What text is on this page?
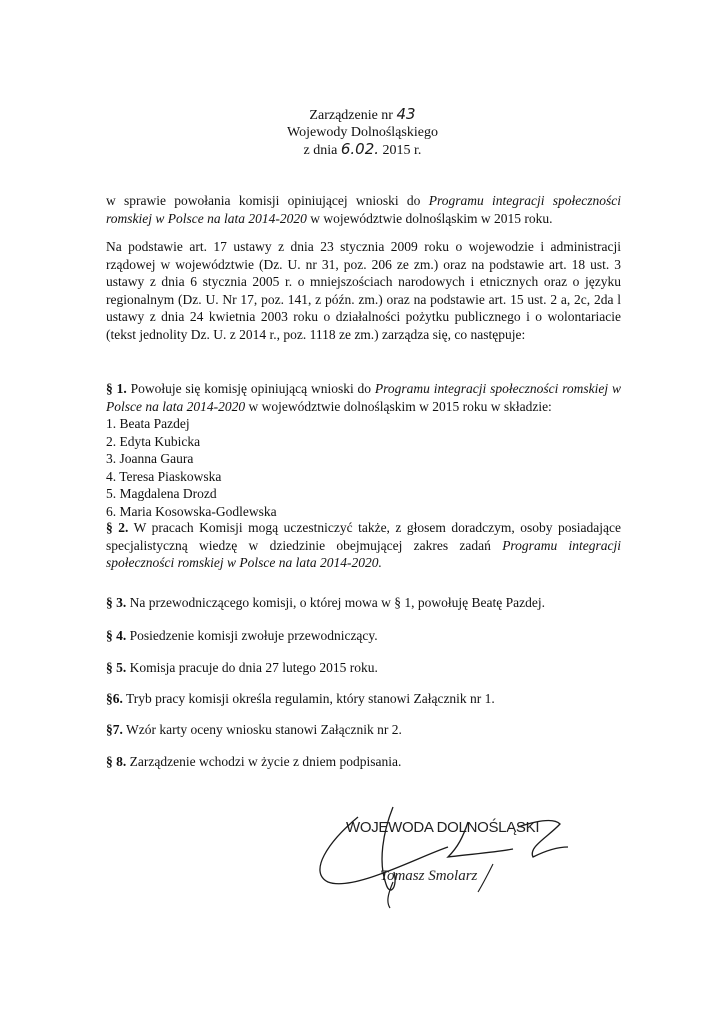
Zarządzenie nr 43
Wojewody Dolnośląskiego
z dnia 6.02. 2015 r.
w sprawie powołania komisji opiniującej wnioski do Programu integracji społeczności romskiej w Polsce na lata 2014-2020 w województwie dolnośląskim w 2015 roku.
Na podstawie art. 17 ustawy z dnia 23 stycznia 2009 roku o wojewodzie i administracji rządowej w województwie (Dz. U. nr 31, poz. 206 ze zm.) oraz na podstawie art. 18 ust. 3 ustawy z dnia 6 stycznia 2005 r. o mniejszościach narodowych i etnicznych oraz o języku regionalnym (Dz. U. Nr 17, poz. 141, z późn. zm.) oraz na podstawie art. 15 ust. 2 a, 2c, 2da l ustawy z dnia 24 kwietnia 2003 roku o działalności pożytku publicznego i o wolontariacie (tekst jednolity Dz. U. z 2014 r., poz. 1118 ze zm.) zarządza się, co następuje:
§ 1. Powołuje się komisję opiniującą wnioski do Programu integracji społeczności romskiej w Polsce na lata 2014-2020 w województwie dolnośląskim w 2015 roku w składzie:
1. Beata Pazdej
2. Edyta Kubicka
3. Joanna Gaura
4. Teresa Piaskowska
5. Magdalena Drozd
6. Maria Kosowska-Godlewska
§ 2. W pracach Komisji mogą uczestniczyć także, z głosem doradczym, osoby posiadające specjalistyczną wiedzę w dziedzinie obejmującej zakres zadań Programu integracji społeczności romskiej w Polsce na lata 2014-2020.
§ 3. Na przewodniczącego komisji, o której mowa w § 1, powołuję Beatę Pazdej.
§ 4. Posiedzenie komisji zwołuje przewodniczący.
§ 5. Komisja pracuje do dnia 27 lutego 2015 roku.
§6. Tryb pracy komisji określa regulamin, który stanowi Załącznik nr 1.
§7. Wzór karty oceny wniosku stanowi Załącznik nr 2.
§ 8. Zarządzenie wchodzi w życie z dniem podpisania.
WOJEWODA DOLNOŚLĄSKI
Tomasz Smolarz
